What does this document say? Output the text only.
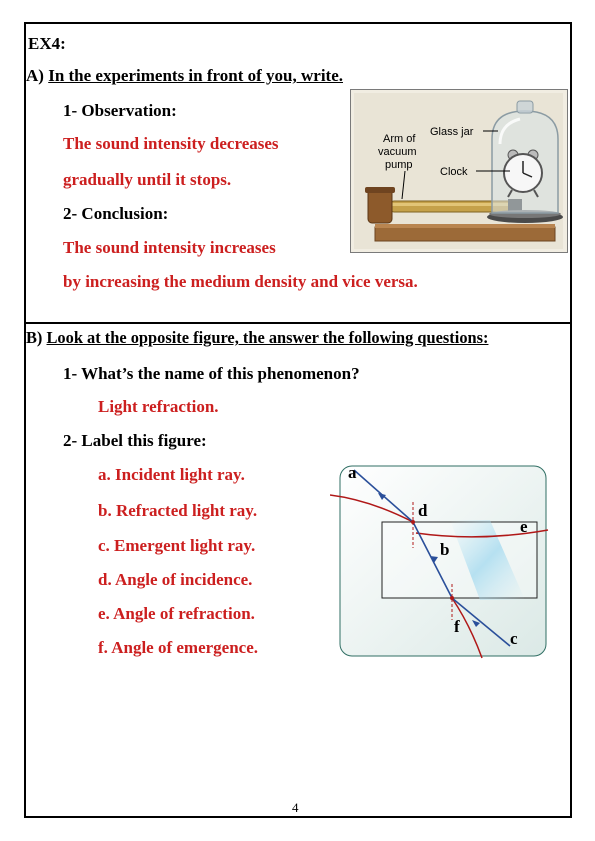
EX4:
A) In the experiments in front of you, write.
1- Observation:
The sound intensity decreases
gradually until it stops.
2- Conclusion:
The sound intensity increases
by increasing the medium density and vice versa.
Arm of
vacuum
pump
Glass jar
Clock
B) Look at the opposite figure, the answer the following questions:
1- What’s the name of this phenomenon?
Light refraction.
2- Label this figure:
a. Incident light ray.
b. Refracted light ray.
c. Emergent light ray.
d. Angle of incidence.
e. Angle of refraction.
f. Angle of emergence.
a
b
c
d
e
f
4
